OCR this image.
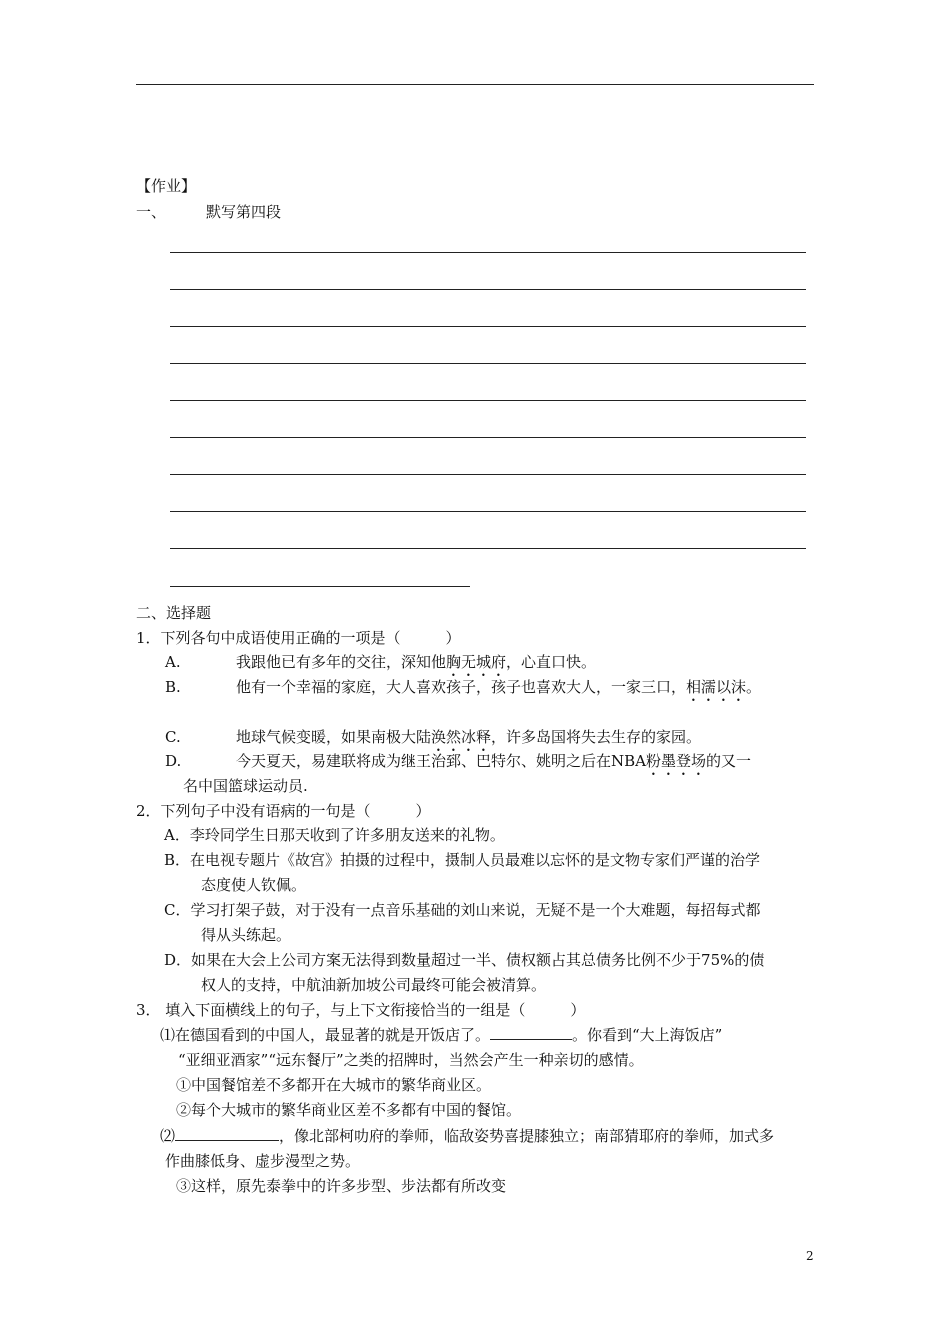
【作业】
一、	默写第四段
二、选择题
1．下列各句中成语使用正确的一项是（　　　）
A.	我跟他已有多年的交往，深知他胸无城府，心直口快。
B.	他有一个幸福的家庭，大人喜欢孩子，孩子也喜欢大人，一家三口，相濡以沫。
C.	地球气候变暖，如果南极大陆涣然冰释，许多岛国将失去生存的家园。
D.	今天夏天，易建联将成为继王治郅、巴特尔、姚明之后在NBA粉墨登场的又一
名中国篮球运动员.
2．下列句子中没有语病的一句是（　　　）
A．李玲同学生日那天收到了许多朋友送来的礼物。
B．在电视专题片《故宫》拍摄的过程中，摄制人员最难以忘怀的是文物专家们严谨的治学
态度使人钦佩。
C．学习打架子鼓，对于没有一点音乐基础的刘山来说，无疑不是一个大难题，每招每式都
得从头练起。
D．如果在大会上公司方案无法得到数量超过一半、债权额占其总债务比例不少于75%的债
权人的支持，中航油新加坡公司最终可能会被清算。
3． 填入下面横线上的句子，与上下文衔接恰当的一组是（　　　）
⑴在德国看到的中国人，最显著的就是开饭店了。	。你看到“大上海饭店”
“亚细亚酒家”“远东餐厅”之类的招牌时，当然会产生一种亲切的感情。
①中国餐馆差不多都开在大城市的繁华商业区。
②每个大城市的繁华商业区差不多都有中国的餐馆。
⑵	，像北部柯叻府的拳师，临敌姿势喜提膝独立；南部猜耶府的拳师，加式多
作曲膝低身、虚步漫型之势。
③这样，原先泰拳中的许多步型、步法都有所改变
2
